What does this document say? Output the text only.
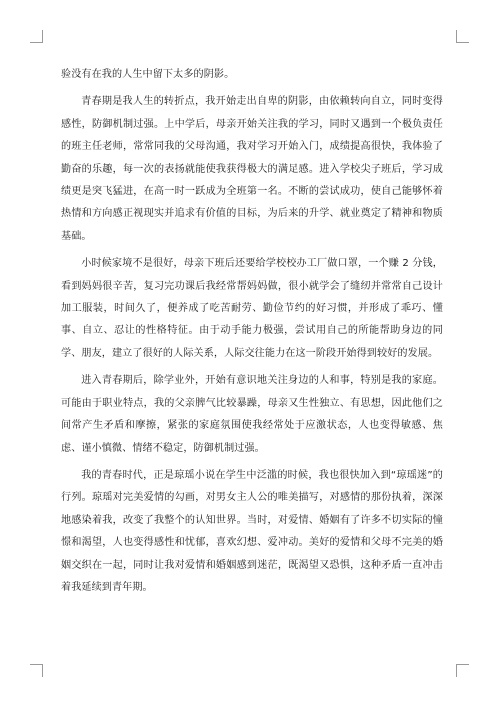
验没有在我的人生中留下太多的阴影。

青春期是我人生的转折点，我开始走出自卑的阴影，由依赖转向自立，同时变得感性，防御机制过强。上中学后，母亲开始关注我的学习，同时又遇到一个极负责任的班主任老师，常常同我的父母沟通，我对学习开始入门，成绩提高很快，我体验了勤奋的乐趣，每一次的表扬就能使我获得极大的满足感。进入学校尖子班后，学习成绩更是突飞猛进，在高一时一跃成为全班第一名。不断的尝试成功，使自己能够怀着热情和方向感正视现实并追求有价值的目标，为后来的升学、就业奠定了精神和物质基础。

小时候家境不是很好，母亲下班后还要给学校校办工厂做口罩，一个赚 2 分钱，看到妈妈很辛苦，复习完功课后我经常帮妈妈做，很小就学会了缝纫并常常自己设计加工服装，时间久了，便养成了吃苦耐劳、勤俭节约的好习惯，并形成了乖巧、懂事、自立、忍让的性格特征。由于动手能力极强，尝试用自己的所能帮助身边的同学、朋友，建立了很好的人际关系，人际交往能力在这一阶段开始得到较好的发展。

进入青春期后，除学业外，开始有意识地关注身边的人和事，特别是我的家庭。可能由于职业特点，我的父亲脾气比较暴躁，母亲又生性独立、有思想，因此他们之间常产生矛盾和摩擦，紧张的家庭氛围使我经常处于应激状态，人也变得敏感、焦虑、谨小慎微、情绪不稳定，防御机制过强。

我的青春时代，正是琼瑶小说在学生中泛滥的时候，我也很快加入到“琼瑶迷”的行列。琼瑶对完美爱情的勾画，对男女主人公的唯美描写，对感情的那份执着，深深地感染着我，改变了我整个的认知世界。当时，对爱情、婚姻有了许多不切实际的憧憬和渴望，人也变得感性和忧郁，喜欢幻想、爱冲动。美好的爱情和父母不完美的婚姻交织在一起，同时让我对爱情和婚姻感到迷茫，既渴望又恐惧，这种矛盾一直冲击着我延续到青年期。
